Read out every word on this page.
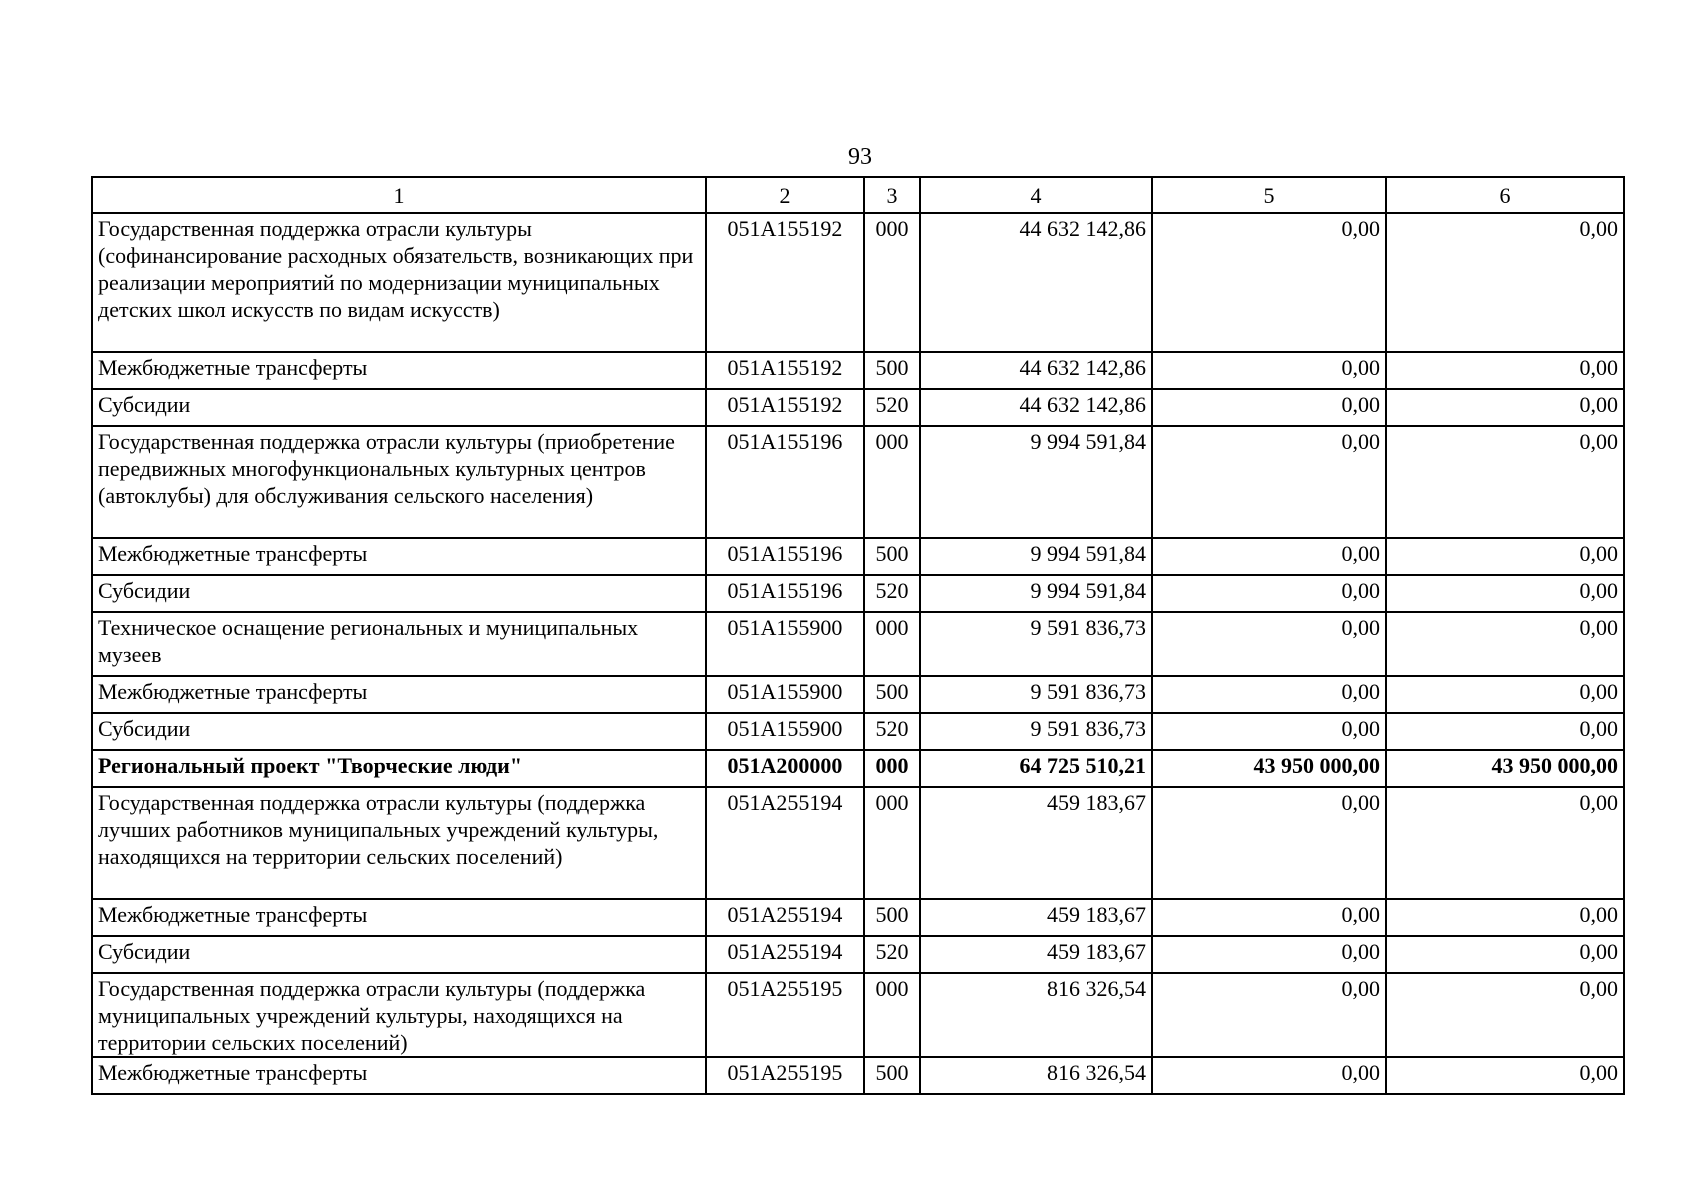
93
1	2	3	4	5	6
Государственная поддержка отрасли культуры (софинансирование расходных обязательств, возникающих при реализации мероприятий по модернизации муниципальных детских школ искусств по видам искусств)	051А155192	000	44 632 142,86	0,00	0,00
Межбюджетные трансферты	051А155192	500	44 632 142,86	0,00	0,00
Субсидии	051А155192	520	44 632 142,86	0,00	0,00
Государственная поддержка отрасли культуры (приобретение передвижных многофункциональных культурных центров (автоклубы) для обслуживания сельского населения)	051А155196	000	9 994 591,84	0,00	0,00
Межбюджетные трансферты	051А155196	500	9 994 591,84	0,00	0,00
Субсидии	051А155196	520	9 994 591,84	0,00	0,00
Техническое оснащение региональных и муниципальных музеев	051А155900	000	9 591 836,73	0,00	0,00
Межбюджетные трансферты	051А155900	500	9 591 836,73	0,00	0,00
Субсидии	051А155900	520	9 591 836,73	0,00	0,00
Региональный проект "Творческие люди"	051А200000	000	64 725 510,21	43 950 000,00	43 950 000,00
Государственная поддержка отрасли культуры (поддержка лучших работников муниципальных учреждений культуры, находящихся на территории сельских поселений)	051А255194	000	459 183,67	0,00	0,00
Межбюджетные трансферты	051А255194	500	459 183,67	0,00	0,00
Субсидии	051А255194	520	459 183,67	0,00	0,00
Государственная поддержка отрасли культуры (поддержка муниципальных учреждений культуры, находящихся на территории сельских поселений)	051А255195	000	816 326,54	0,00	0,00
Межбюджетные трансферты	051А255195	500	816 326,54	0,00	0,00
